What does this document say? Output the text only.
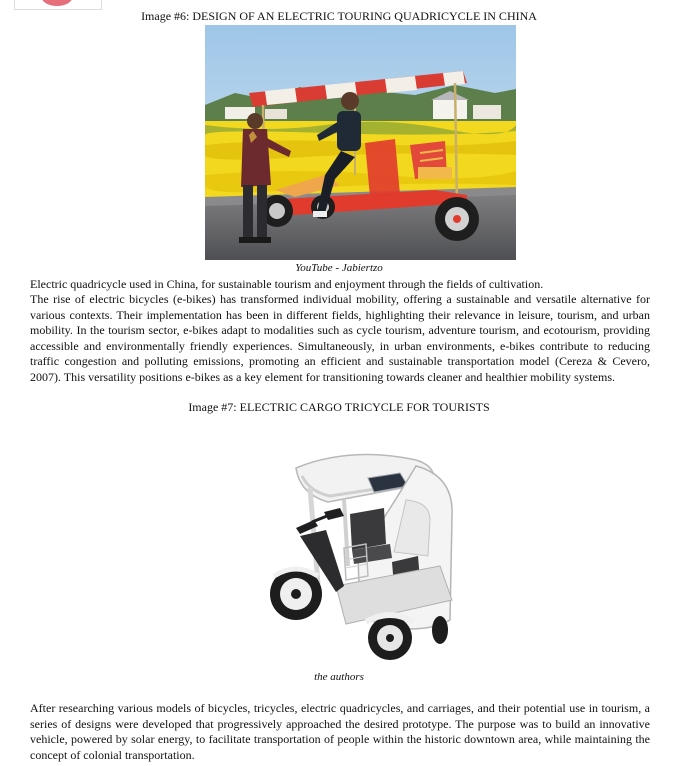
Image #6: DESIGN OF AN ELECTRIC TOURING QUADRICYCLE IN CHINA
YouTube - Jabiertzo

Electric quadricycle used in China, for sustainable tourism and enjoyment through the fields of cultivation.

The rise of electric bicycles (e-bikes) has transformed individual mobility, offering a sustainable and versatile alternative for various contexts. Their implementation has been in different fields, highlighting their relevance in leisure, tourism, and urban mobility. In the tourism sector, e-bikes adapt to modalities such as cycle tourism, adventure tourism, and ecotourism, providing accessible and environmentally friendly experiences. Simultaneously, in urban environments, e-bikes contribute to reducing traffic congestion and polluting emissions, promoting an efficient and sustainable transportation model (Cereza & Cevero, 2007). This versatility positions e-bikes as a key element for transitioning towards cleaner and healthier mobility systems.

Image #7: ELECTRIC CARGO TRICYCLE FOR TOURISTS
the authors

After researching various models of bicycles, tricycles, electric quadricycles, and carriages, and their potential use in tourism, a series of designs were developed that progressively approached the desired prototype. The purpose was to build an innovative vehicle, powered by solar energy, to facilitate transportation of people within the historic downtown area, while maintaining the concept of colonial transportation.
